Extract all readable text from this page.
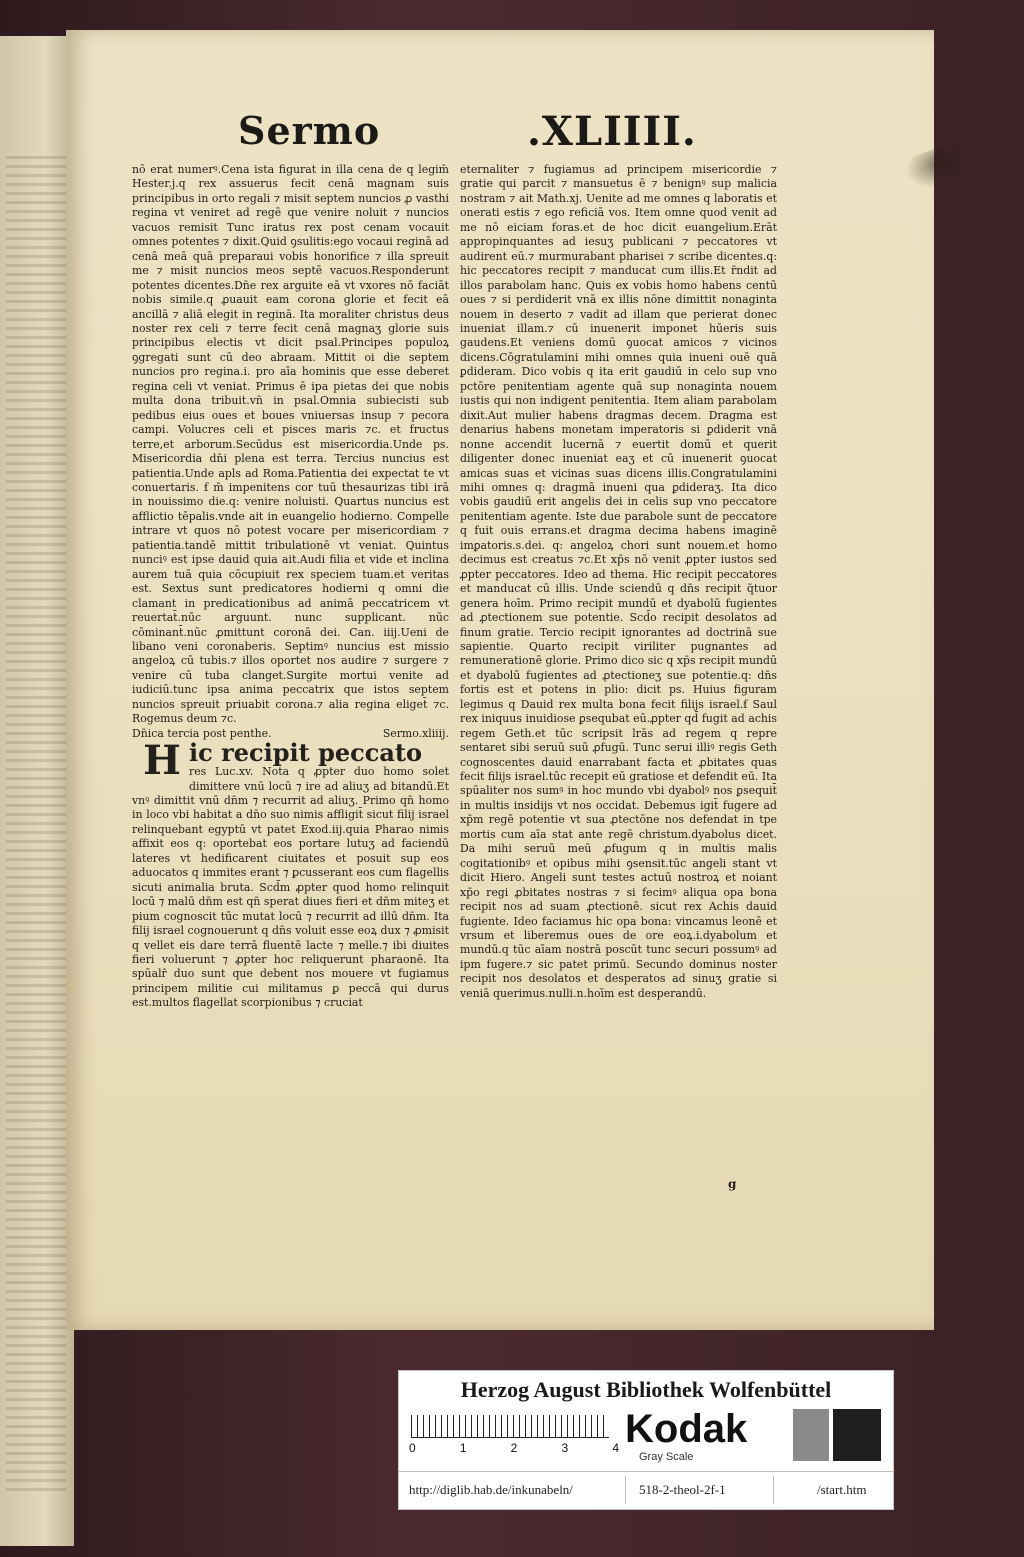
Sermo	.XLIIII.

nō erat numerꝰ.Cena ista figurat in illa cena de q legim̄ Hester.j.q rex assuerus fecit cenā magnam suis principibus in orto regali ⁊ misit septem nuncios ꝓ vasthi regina vt veniret ad regē que venire noluit ⁊ nuncios vacuos remisit Tunc iratus rex post cenam vocauit omnes potentes ⁊ dixit.Quid ꝯsulitis:ego vocaui reginā ad cenā meā quā preparaui vobis honorifice ⁊ illa spreuit me ⁊ misit nuncios meos septē vacuos.Responderunt potentes dicentes.Dn̄e rex arguite eā vt vxores nō faciāt nobis simile.q ꝓuauit eam corona glorie et fecit eā ancillā ⁊ aliā elegit in reginā. Ita moraliter christus deus noster rex celi ⁊ terre fecit cenā magnaʒ glorie suis principibus electis vt dicit psal.Principes populoꝝ ꝯgregati sunt cū deo abraam. Mittit oi die septem nuncios pro regina.i. pro aīa hominis que esse deberet regina celi vt veniat. Primus ē ipa pietas dei que nobis multa dona tribuit.vn̄ in psal.Omnia subiecisti sub pedibus eius oues et boues vniuersas insup ⁊ pecora campi. Volucres celi et pisces maris ⁊c. et fructus terre,et arborum.Secūdus est misericordia.Unde ps. Misericordia dn̄i plena est terra. Tercius nuncius est patientia.Unde apls ad Roma.Patientia dei expectat te vt conuertaris. ẜ m̄ impenitens cor tuū thesaurizas tibi irā in nouissimo die.q: venire noluisti. Quartus nuncius est afflictio tēpalis.vnde ait in euangelio hodierno. Compelle intrare vt quos nō potest vocare per misericordiam ⁊ patientia.tandē mittit tribulationē vt veniat. Quintus nunciꝰ est ipse dauid quia ait.Audi filia et vide et inclina aurem tuā quia cōcupiuit rex speciem tuam.et veritas est. Sextus sunt predicatores hodierni q omni die clamant in predicationibus ad animā peccatricem vt reuertat̄.nūc arguunt. nunc supplicant. nūc cōminant̄.nūc ꝓmittunt coronā dei. Can. iiij.Ueni de libano veni coronaberis. Septimꝰ nuncius est missio angeloꝝ cū tubis.⁊ illos oportet nos audire ⁊ surgere ⁊ venire cū tuba clanget.Surgite mortui venite ad iudiciū.tunc ipsa anima peccatrix que istos septem nuncios spreuit priuabit corona.⁊ alia regina eliget̄ ⁊c. Rogemus deum ⁊c.

Dn̄ica tercia post penthe.	Sermo.xliiij.
H ic recipit peccato

res Luc.xv. Nota q ꝓpter duo homo solet dimittere vnū locū ⁊ ire ad aliuʒ ad bitandū.Et vnꝰ dimittit vnū dn̄m ⁊ recurrit ad aliuʒ. Primo qn̄ homo in loco vbi habitat a dn̄o suo nimis affligit̄ sicut filij israel relinquebant egyptū vt patet Exod.iij.quia Pharao nimis affixit eos q: oportebat eos portare lutuʒ ad faciendū lateres vt hedificarent ciuitates et posuit sup eos aduocatos q immites erant ⁊ ꝑcusserant eos cum flagellis sicuti animalia bruta. Scd̄m ꝓpter quod homo relinquit locū ⁊ malū dn̄m est qn̄ sperat diues fieri et dn̄m miteʒ et pium cognoscit tūc mutat locū ⁊ recurrit ad illū dn̄m. Ita filij israel cognouerunt q dn̄s voluit esse eoꝝ dux ⁊ ꝓmisit q vellet eis dare terrā fluentē lacte ⁊ melle.⁊ ibi diuites fieri voluerunt ⁊ ꝓpter hoc reliquerunt pharaonē. Ita spūalr̄ duo sunt que debent nos mouere vt fugiamus principem militie cui militamus ꝑ peccā qui durus est.multos flagellat scorpionibus ⁊ cruciat

eternaliter ⁊ fugiamus ad principem misericordie ⁊ gratie qui parcit ⁊ mansuetus ē ⁊ benignꝰ sup malicia nostram ⁊ ait Math.xj. Uenite ad me omnes q laboratis et onerati estis ⁊ ego reficiā vos. Item omne quod venit ad me nō eiciam foras.et de hoc dicit euangelium.Erāt appropinquantes ad iesuʒ publicani ⁊ peccatores vt audirent eū.⁊ murmurabant pharisei ⁊ scribe dicentes.q: hic peccatores recipit ⁊ manducat cum illis.Et r̄ndit ad illos parabolam hanc. Quis ex vobis homo habens centū oues ⁊ si perdiderit vnā ex illis nōne dimittit nonaginta nouem in deserto ⁊ vadit ad illam que perierat donec inueniat illam.⁊ cū inuenerit imponet hūeris suis gaudens.Et veniens domū ꝯuocat amicos ⁊ vicinos dicens.Cōgratulamini mihi omnes quia inueni ouē quā ꝑdideram. Dico vobis q ita erit gaudiū in celo sup vno pctōre penitentiam agente quā sup nonaginta nouem iustis qui non indigent penitentia. Item aliam parabolam dixit.Aut mulier habens dragmas decem. Dragma est denarius habens monetam imperatoris si ꝑdiderit vnā nonne accendit lucernā ⁊ euertit domū et querit diligenter donec inueniat eaʒ et cū inuenerit ꝯuocat amicas suas et vicinas suas dicens illis.Congratulamini mihi omnes q: dragmā inueni qua ꝑdideraʒ. Ita dico vobis gaudiū erit angelis dei in celis sup vno peccatore penitentiam agente. Iste due parabole sunt de peccatore q fuit ouis errans.et dragma decima habens imaginē imꝑatoris.s.dei. q: angeloꝝ chori sunt nouem.et homo decimus est creatus ⁊c.Et xp̄s nō venit ꝓpter iustos sed ꝓpter peccatores. Ideo ad thema. Hic recipit peccatores et manducat cū illis. Unde sciendū q dn̄s recipit q̄tuor genera hoīm. Primo recipit mundū et dyabolū fugientes ad ꝓtectionem sue potentie. Scd̄o recipit desolatos ad finum gratie. Tercio recipit ignorantes ad doctrinā sue sapientie. Quarto recipit viriliter pugnantes ad remunerationē glorie. Primo dico sic q xp̄s recipit mundū et dyabolū fugientes ad ꝓtectioneʒ sue potentie.q: dn̄s fortis est et potens in plio: dicit ps. Huius figuram legimus q Dauid rex multa bona fecit filijs israel.ẜ Saul rex iniquus inuidiose ꝑsequbat eū.ꝓpter qd̄ fugit ad achis regem Geth.et tūc scripsit lrās ad regem q repre sentaret sibi seruū suū ꝓfugū. Tunc serui illiꝰ regis Geth cognoscentes dauid enarrabant facta et ꝓbitates quas fecit filijs israel.tūc recepit eū gratiose et defendit eū. Ita spūaliter nos sumꝰ in hoc mundo vbi dyabolꝰ nos ꝑsequit̄ in multis insidijs vt nos occidat. Debemus igit̄ fugere ad xp̄m regē potentie vt sua ꝓtectōne nos defendat in tpe mortis cum aīa stat ante regē christum.dyabolus dicet. Da mihi seruū meū ꝓfugum q in multis malis cogitationibꝰ et opibus mihi ꝯsensit.tūc angeli stant vt dicit Hiero. Angeli sunt testes actuū nostroꝝ et noiant xp̄o regi ꝓbitates nostras ⁊ si fecimꝰ aliqua opa bona recipit nos ad suam ꝓtectionē. sicut rex Achis dauid fugiente. Ideo faciamus hic opa bona: vincamus leonē et vrsum et liberemus oues de ore eoꝝ.i.dyabolum et mundū.q tūc aīam nostrā poscūt tunc securi possumꝰ ad ipm fugere.⁊ sic patet primū. Secundo dominus noster recipit nos desolatos et desperatos ad sinuʒ gratie si veniā querimus.nulli.n.hoīm est desperandū.

g
Herzog August Bibliothek Wolfenbüttel
0	1	2	3	4 Kodak
Gray Scale
http://diglib.hab.de/inkunabeln/	518-2-theol-2f-1	/start.htm
